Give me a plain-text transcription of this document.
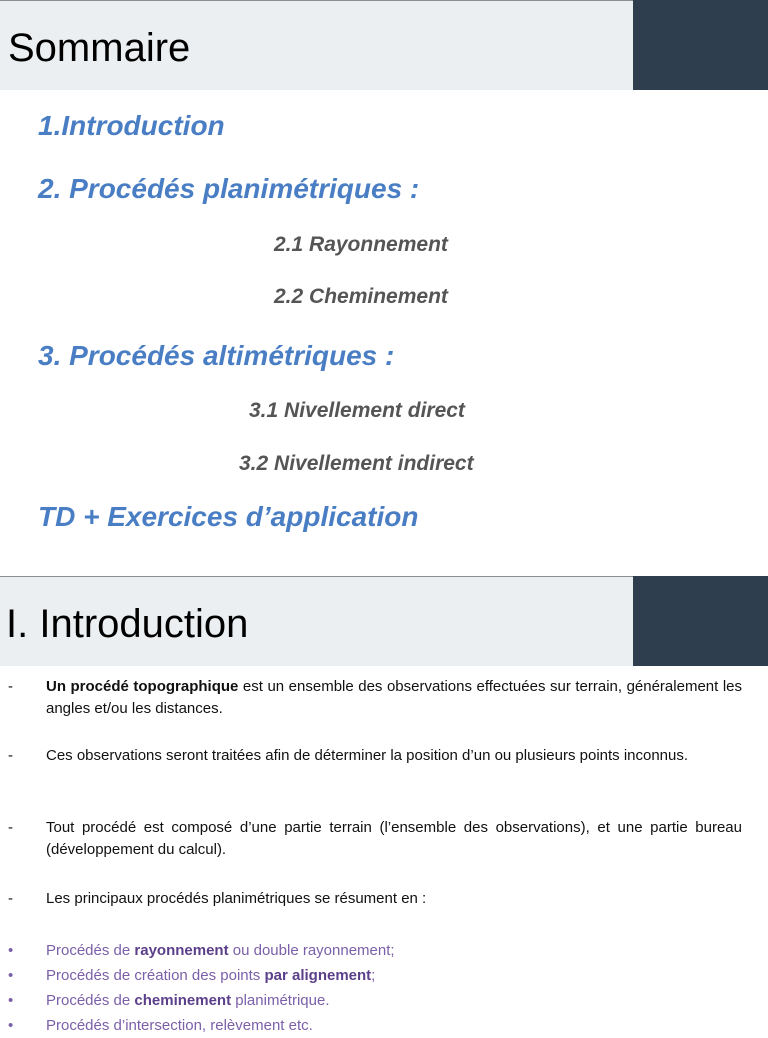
Sommaire

1.Introduction

2. Procédés planimétriques :

2.1 Rayonnement

2.2 Cheminement

3. Procédés altimétriques :

3.1 Nivellement direct

3.2 Nivellement indirect

TD + Exercices d’application

I. Introduction
- Un procédé topographique est un ensemble des observations effectuées sur terrain, généralement les angles et/ou les distances.

- Ces observations seront traitées afin de déterminer la position d’un ou plusieurs points inconnus.

- Tout procédé est composé d’une partie terrain (l’ensemble des observations), et une partie bureau (développement du calcul).

- Les principaux procédés planimétriques se résument en :

• Procédés de rayonnement ou double rayonnement;

• Procédés de création des points par alignement;

• Procédés de cheminement planimétrique.

• Procédés d’intersection, relèvement etc.
